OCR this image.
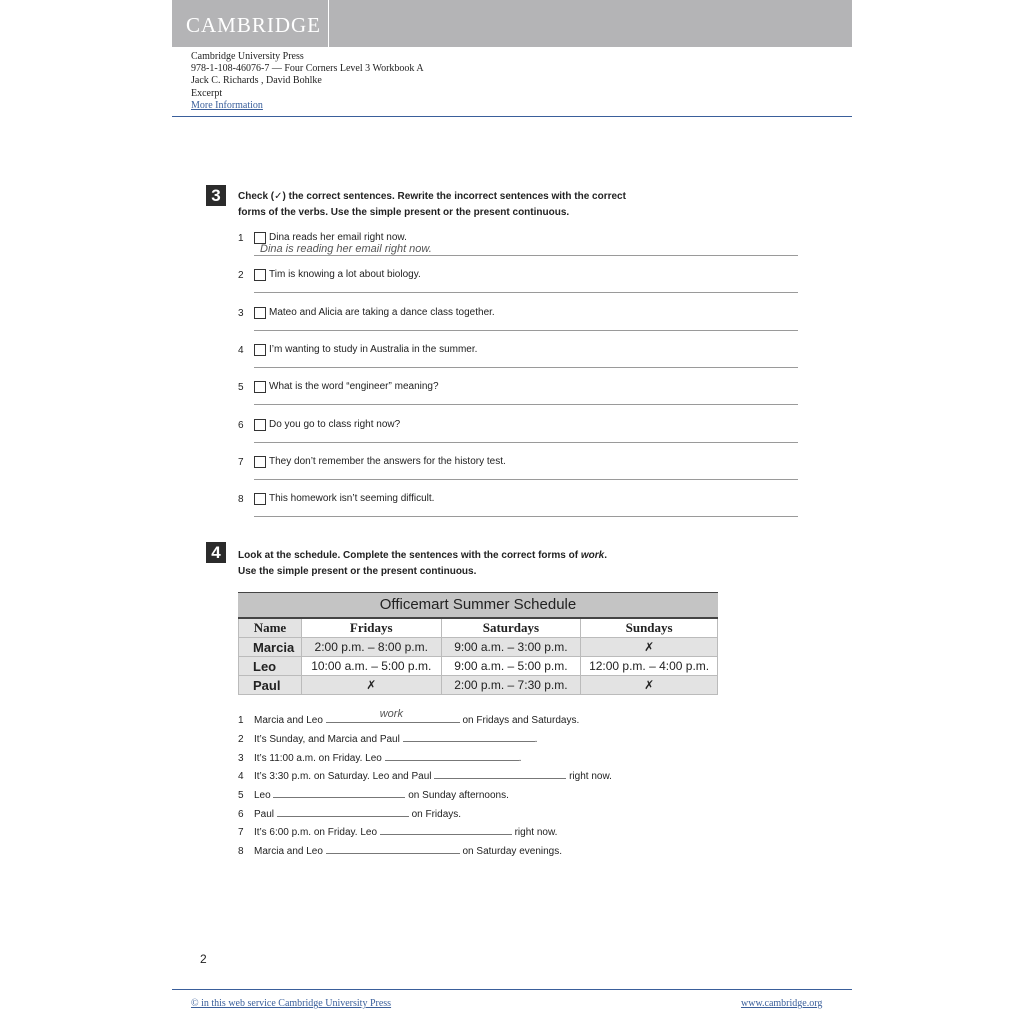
CAMBRIDGE
Cambridge University Press
978-1-108-46076-7 — Four Corners Level 3 Workbook A
Jack C. Richards , David Bohlke
Excerpt
More Information
3	Check (✓) the correct sentences. Rewrite the incorrect sentences with the correct
forms of the verbs. Use the simple present or the present continuous.
1	Dina reads her email right now.
Dina is reading her email right now.
2	Tim is knowing a lot about biology.
3	Mateo and Alicia are taking a dance class together.
4	I’m wanting to study in Australia in the summer.
5	What is the word “engineer” meaning?
6	Do you go to class right now?
7	They don’t remember the answers for the history test.
8	This homework isn’t seeming difficult.
4	Look at the schedule. Complete the sentences with the correct forms of work.
Use the simple present or the present continuous.
Officemart Summer Schedule
Name	Fridays	Saturdays	Sundays
Marcia	2:00 p.m. – 8:00 p.m.	9:00 a.m. – 3:00 p.m.	✗
Leo	10:00 a.m. – 5:00 p.m.	9:00 a.m. – 5:00 p.m.	12:00 p.m. – 4:00 p.m.
Paul	✗	2:00 p.m. – 7:30 p.m.	✗
1 Marcia and Leo
work
on Fridays and Saturdays.
2 It’s Sunday, and Marcia and Paul	.
3 It’s 11:00 a.m. on Friday. Leo	.
4 It’s 3:30 p.m. on Saturday. Leo and Paul	right now.
5 Leo	on Sunday afternoons.
6 Paul	on Fridays.
7 It’s 6:00 p.m. on Friday. Leo	right now.
8 Marcia and Leo	on Saturday evenings.
2
© in this web service Cambridge University Press	www.cambridge.org
